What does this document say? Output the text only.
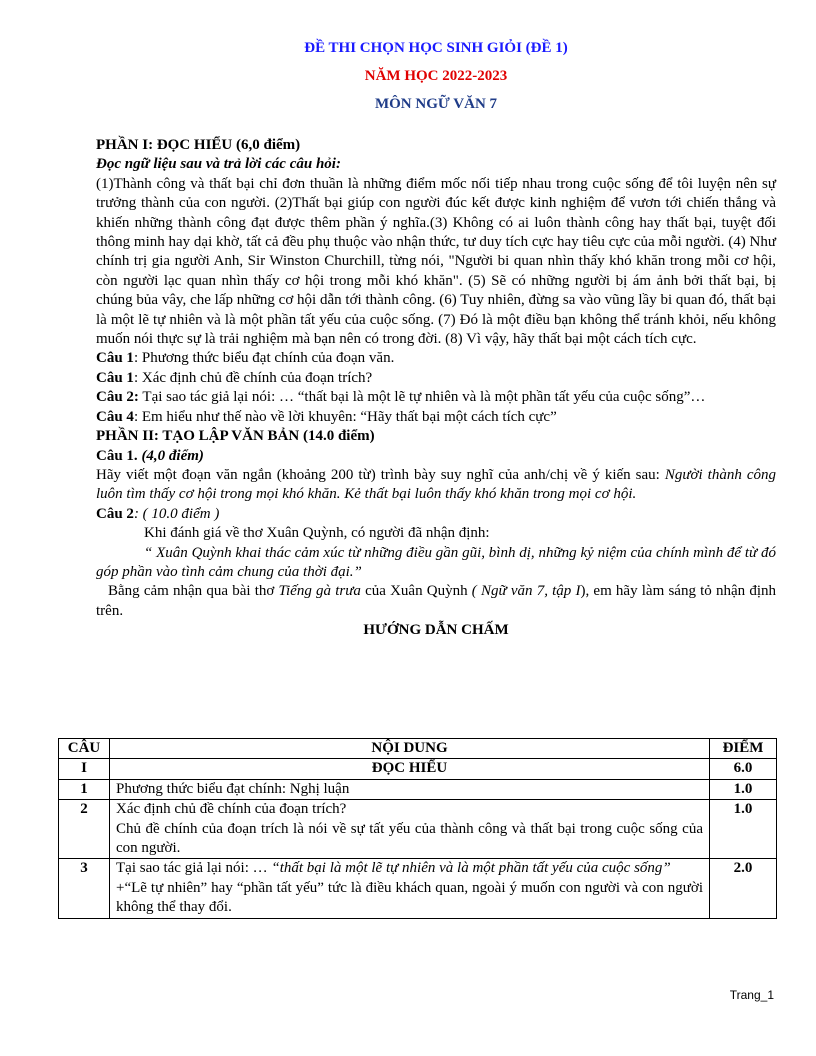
ĐỀ THI CHỌN HỌC SINH GIỎI (ĐỀ 1)
NĂM HỌC 2022-2023
MÔN NGỮ VĂN 7

PHẦN I: ĐỌC HIỂU (6,0 điểm)

Đọc ngữ liệu sau và trả lời các câu hỏi:

(1)Thành công và thất bại chỉ đơn thuần là những điểm mốc nối tiếp nhau trong cuộc sống để tôi luyện nên sự trưởng thành của con người. (2)Thất bại giúp con người đúc kết được kinh nghiệm để vươn tới chiến thắng và khiến những thành công đạt được thêm phần ý nghĩa.(3) Không có ai luôn thành công hay thất bại, tuyệt đối thông minh hay dại khờ, tất cả đều phụ thuộc vào nhận thức, tư duy tích cực hay tiêu cực của mỗi người. (4) Như chính trị gia người Anh, Sir Winston Churchill, từng nói, "Người bi quan nhìn thấy khó khăn trong mỗi cơ hội, còn người lạc quan nhìn thấy cơ hội trong mỗi khó khăn". (5) Sẽ có những người bị ám ảnh bởi thất bại, bị chúng bủa vây, che lấp những cơ hội dẫn tới thành công. (6) Tuy nhiên, đừng sa vào vũng lầy bi quan đó, thất bại là một lẽ tự nhiên và là một phần tất yếu của cuộc sống. (7) Đó là một điều bạn không thể tránh khỏi, nếu không muốn nói thực sự là trải nghiệm mà bạn nên có trong đời. (8) Vì vậy, hãy thất bại một cách tích cực.

Câu 1: Phương thức biểu đạt chính của đoạn văn.

Câu 1: Xác định chủ đề chính của đoạn trích?

Câu 2: Tại sao tác giả lại nói: … “thất bại là một lẽ tự nhiên và là một phần tất yếu của cuộc sống”…

Câu 4: Em hiểu như thế nào về lời khuyên: “Hãy thất bại một cách tích cực”

PHẦN II: TẠO LẬP VĂN BẢN (14.0 điểm)

Câu 1. (4,0 điểm)

Hãy viết một đoạn văn ngắn (khoảng 200 từ) trình bày suy nghĩ của anh/chị về ý kiến sau: Người thành công luôn tìm thấy cơ hội trong mọi khó khăn. Kẻ thất bại luôn thấy khó khăn trong mọi cơ hội.

Câu 2: ( 10.0 điểm )

Khi đánh giá về thơ Xuân Quỳnh, có người đã nhận định:

“ Xuân Quỳnh khai thác cảm xúc từ những điều gần gũi, bình dị, những kỷ niệm của chính mình để từ đó góp phần vào tình cảm chung của thời đại.”

Bằng cảm nhận qua bài thơ Tiếng gà trưa của Xuân Quỳnh ( Ngữ văn 7, tập I), em hãy làm sáng tỏ nhận định trên.

HƯỚNG DẪN CHẤM

CÂU	NỘI DUNG	ĐIỂM
I	ĐỌC HIỂU	6.0
1	Phương thức biểu đạt chính: Nghị luận	1.0
2	Xác định chủ đề chính của đoạn trích?
Chủ đề chính của đoạn trích là nói về sự tất yếu của thành công và thất bại trong cuộc sống của con người.	1.0
3	Tại sao tác giả lại nói: … “thất bại là một lẽ tự nhiên và là một phần tất yếu của cuộc sống”
+“Lẽ tự nhiên” hay “phần tất yếu” tức là điều khách quan, ngoài ý muốn con người và con người không thể thay đổi.	2.0
Trang_1
